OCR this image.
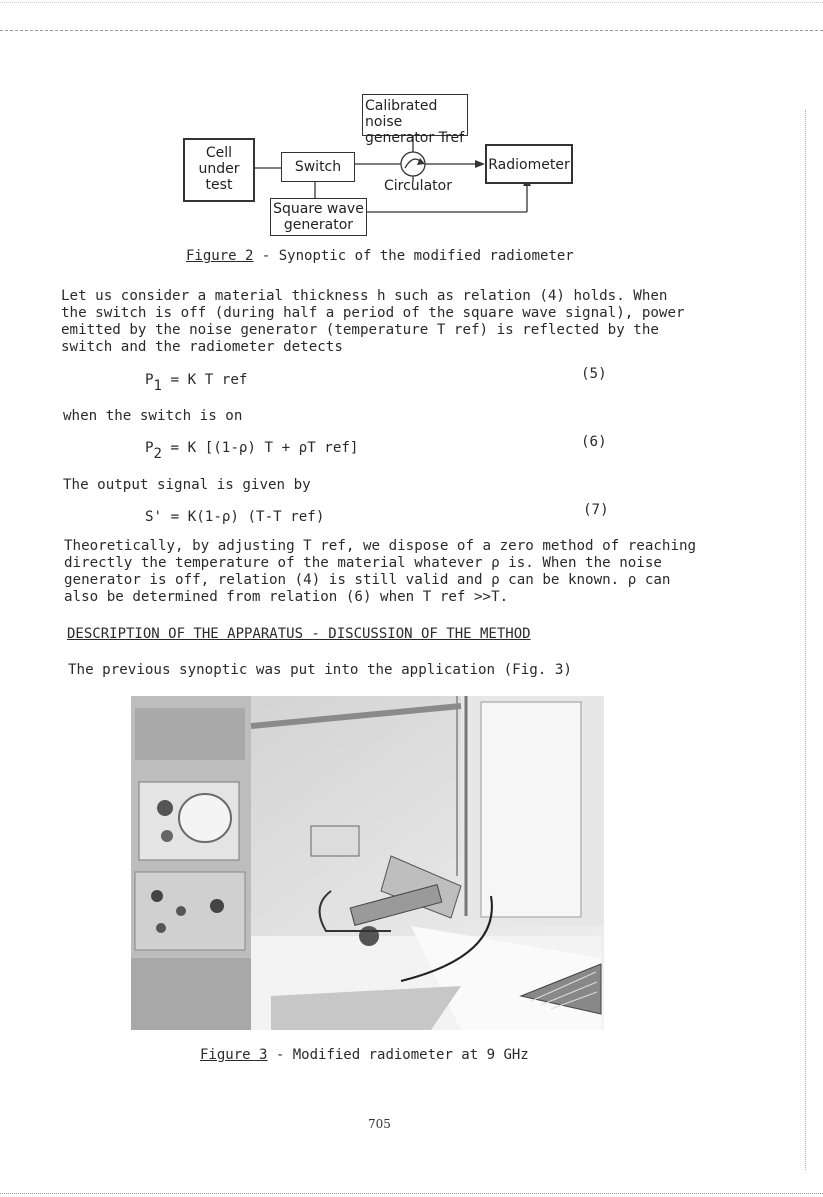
Calibrated noise
generator Tref
Cell
under
test
Switch	Radiometer
Square wave
generator
Circulator
Figure 2 - Synoptic of the modified radiometer
Let us consider a material thickness h such as relation (4) holds. When
the switch is off (during half a period of the square wave signal), power
emitted by the noise generator (temperature T ref) is reflected by the
switch and the radiometer detects
$P_1 = K$ T ref	(5)
when the switch is on
$P_2 = K$ [(1-ρ) T + ρT ref]	(6)
The output signal is given by
S' = K(1-ρ) (T-T ref)	(7)
Theoretically, by adjusting T ref, we dispose of a zero method of reaching
directly the temperature of the material whatever ρ is. When the noise
generator is off, relation (4) is still valid and ρ can be known. ρ can
also be determined from relation (6) when T ref >>T.
DESCRIPTION OF THE APPARATUS - DISCUSSION OF THE METHOD
The previous synoptic was put into the application (Fig. 3)
Figure 3 - Modified radiometer at 9 GHz
705
